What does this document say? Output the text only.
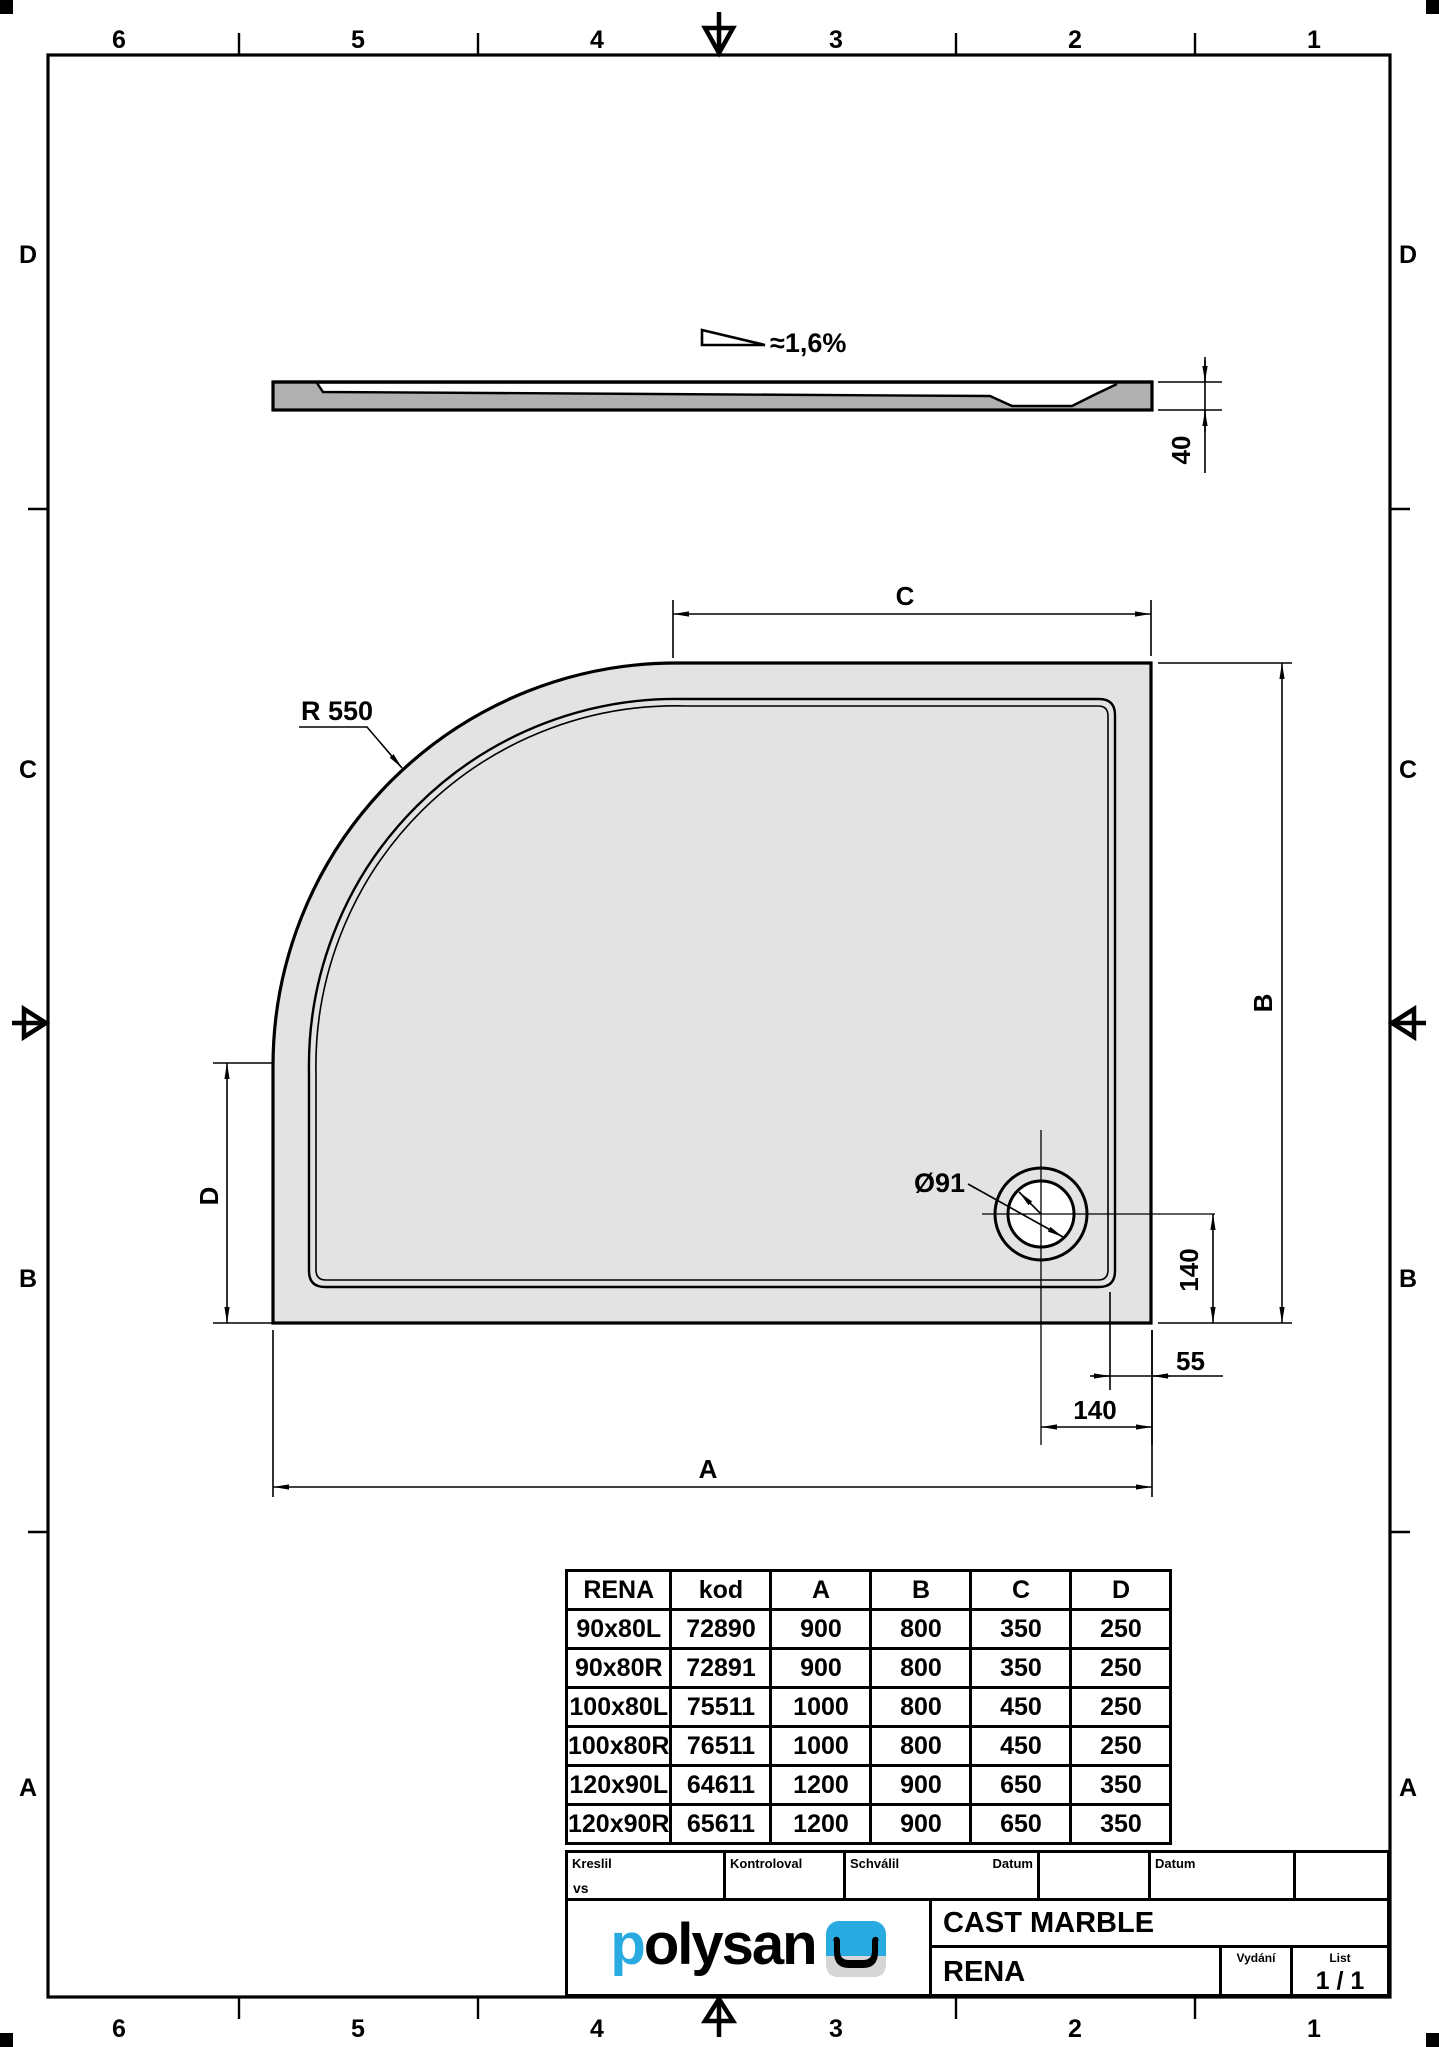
6	5	4	3	2	1
6	5	4	3	2	1
D
C
B
A
D
C
B
A
≈1,6%
40
Ø91
R 550
C
B
D
A
140
55
140
RENA	kod	A	B	C	D
90x80L	72890	900	800	350	250
90x80R	72891	900	800	350	250
100x80L	75511	1000	800	450	250
100x80R	76511	1000	800	450	250
120x90L	64611	1200	900	650	350
120x90R	65611	1200	900	650	350
Kreslil
vs
Kontroloval	Schválil	Datum	Datum
polysan	CAST MARBLE
RENA	Vydání	List
1 / 1
